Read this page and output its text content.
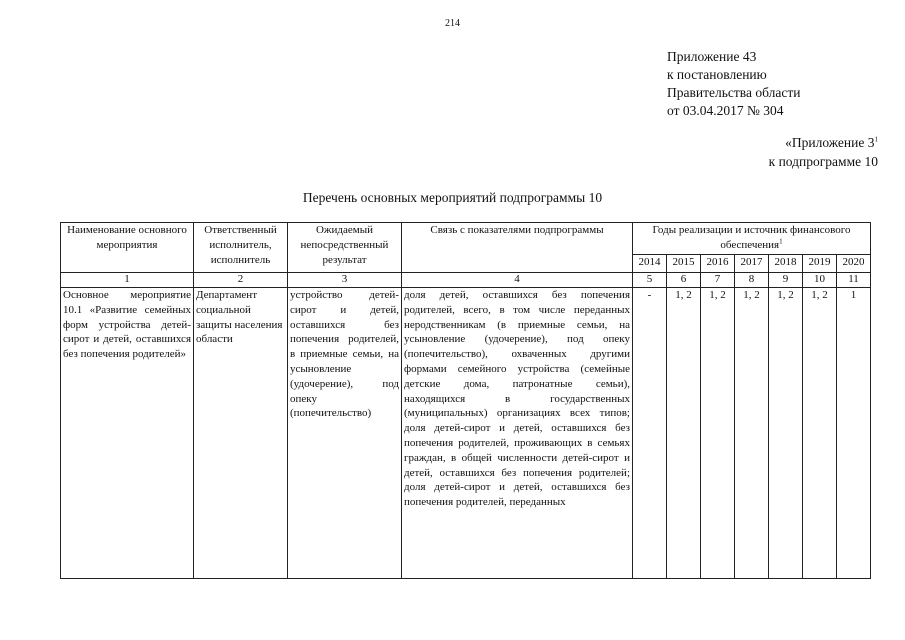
214
Приложение 43
к постановлению
Правительства области
от 03.04.2017 № 304
«Приложение $3^1$
к подпрограмме 10
Перечень основных мероприятий подпрограммы 10
Наименование основного мероприятия	Ответственный исполнитель, исполнитель	Ожидаемый непосредственный результат	Связь с показателями подпрограммы	Годы реализации и источник финансового обеспечения$^1$
				2014	2015	2016	2017	2018	2019	2020
1	2	3	4	5	6	7	8	9	10	11
Основное мероприятие 10.1 «Развитие семейных форм устройства детей-сирот и детей, оставшихся без попечения родителей»	Департамент социальной защиты населения области	устройство детей-сирот и детей, оставшихся без попечения родителей, в приемные семьи, на усыновление (удочерение), под опеку (попечительство)	доля детей, оставшихся без попечения родителей, всего, в том числе переданных неродственникам (в приемные семьи, на усыновление (удочерение), под опеку (попечительство), охваченных другими формами семейного устройства (семейные детские дома, патронатные семьи), находящихся в государственных (муниципальных) организациях всех типов; доля детей-сирот и детей, оставшихся без попечения родителей, проживающих в семьях граждан, в общей численности детей-сирот и детей, оставшихся без попечения родителей; доля детей-сирот и детей, оставшихся без попечения родителей, переданных	-	1, 2	1, 2	1, 2	1, 2	1, 2	1
